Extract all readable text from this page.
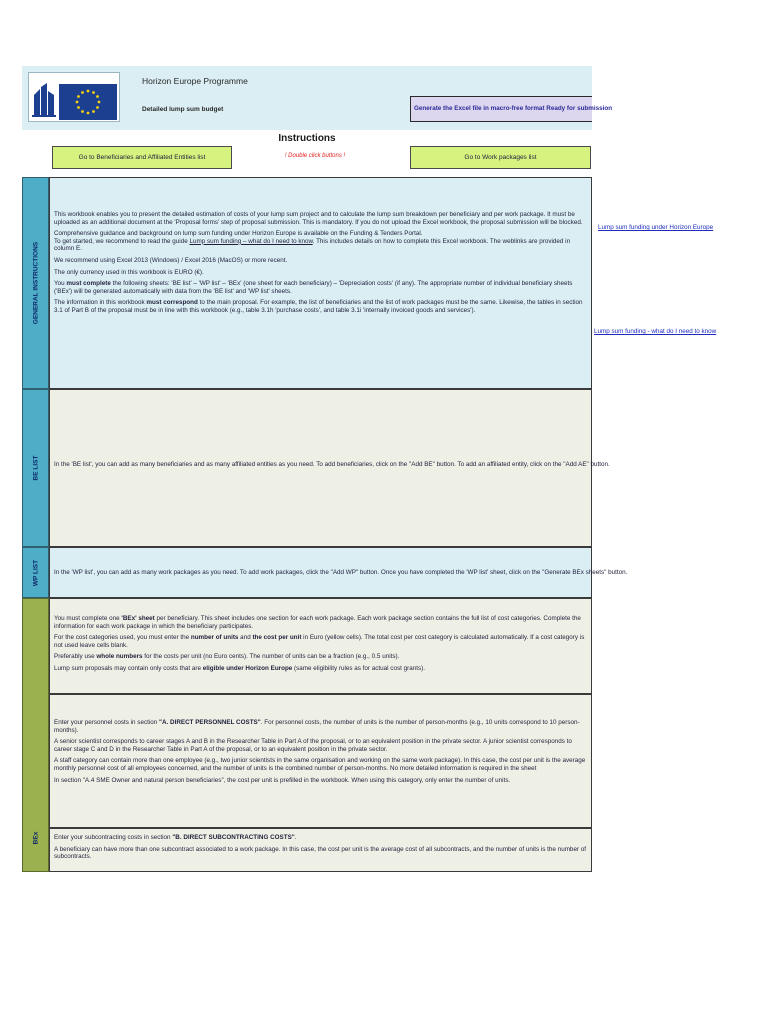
Horizon Europe Programme
Detailed lump sum budget	Generate the Excel file in macro-free format Ready for submission
Instructions
Go to Beneficiaries and Affiliated Entities list	! Double click buttons !	Go to Work packages list
GENERAL INSTRUCTIONS

This workbook enables you to present the detailed estimation of costs of your lump sum project and to calculate the lump sum breakdown per beneficiary and per work package. It must be uploaded as an additional document at the 'Proposal forms' step of proposal submission. This is mandatory. If you do not upload the Excel workbook, the proposal submission will be blocked.

Comprehensive guidance and background on lump sum funding under Horizon Europe is available on the Funding & Tenders Portal.
To get started, we recommend to read the guide Lump sum funding – what do I need to know. This includes details on how to complete this Excel workbook. The weblinks are provided in column E.

We recommend using Excel 2013 (Windows) / Excel 2016 (MacOS) or more recent.

The only currency used in this workbook is EURO (€).

You must complete the following sheets: 'BE list' – 'WP list' – 'BEx' (one sheet for each beneficiary) – 'Depreciation costs' (if any). The appropriate number of individual beneficiary sheets ('BEx') will be generated automatically with data from the 'BE list' and 'WP list' sheets.

The information in this workbook must correspond to the main proposal. For example, the list of beneficiaries and the list of work packages must be the same. Likewise, the tables in section 3.1 of Part B of the proposal must be in line with this workbook (e.g., table 3.1h 'purchase costs', and table 3.1i 'internally invoiced goods and services').

BE LIST In the 'BE list', you can add as many beneficiaries and as many affiliated entities as you need. To add beneficiaries, click on the "Add BE" button. To add an affiliated entity, click on the "Add AE" button.

WP LIST In the 'WP list', you can add as many work packages as you need. To add work packages, click the "Add WP" button. Once you have completed the 'WP list' sheet, click on the "Generate BEx sheets" button.

BEx

You must complete one 'BEx' sheet per beneficiary. This sheet includes one section for each work package. Each work package section contains the full list of cost categories. Complete the information for each work package in which the beneficiary participates.

For the cost categories used, you must enter the number of units and the cost per unit in Euro (yellow cells). The total cost per cost category is calculated automatically. If a cost category is not used leave cells blank.

Preferably use whole numbers for the costs per unit (no Euro cents). The number of units can be a fraction (e.g., 0.5 units).

Lump sum proposals may contain only costs that are eligible under Horizon Europe (same eligibility rules as for actual cost grants).

Enter your personnel costs in section "A. DIRECT PERSONNEL COSTS". For personnel costs, the number of units is the number of person-months (e.g., 10 units correspond to 10 person-months).

A senior scientist corresponds to career stages A and B in the Researcher Table in Part A of the proposal, or to an equivalent position in the private sector. A junior scientist corresponds to career stage C and D in the Researcher Table in Part A of the proposal, or to an equivalent position in the private sector.

A staff category can contain more than one employee (e.g., two junior scientists in the same organisation and working on the same work package). In this case, the cost per unit is the average monthly personnel cost of all employees concerned, and the number of units is the combined number of person-months. No more detailed information is required in the sheet

In section "A.4 SME Owner and natural person beneficiaries", the cost per unit is prefilled in the workbook. When using this category, only enter the number of units.

Enter your subcontracting costs in section "B. DIRECT SUBCONTRACTING COSTS".

A beneficiary can have more than one subcontract associated to a work package. In this case, the cost per unit is the average cost of all subcontracts, and the number of units is the number of subcontracts.

Lump sum funding under Horizon Europe
Lump sum funding - what do I need to know
